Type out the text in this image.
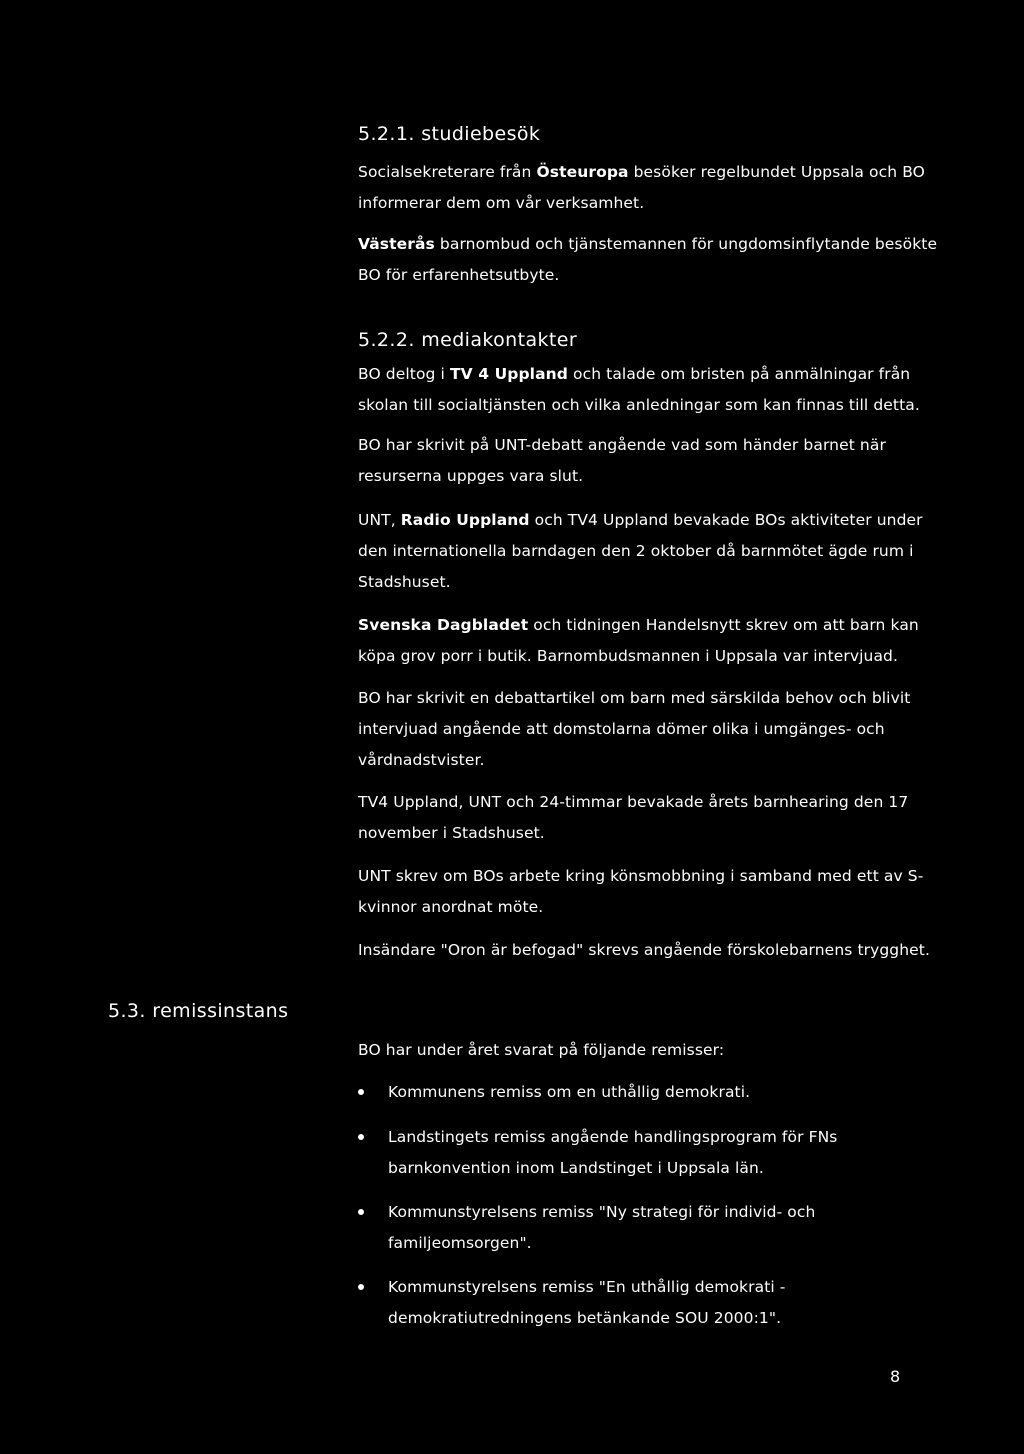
5.2.1. studiebesök

Socialsekreterare från Östeuropa besöker regelbundet Uppsala och BO
informerar dem om vår verksamhet.

Västerås barnombud och tjänstemannen för ungdomsinflytande besökte
BO för erfarenhetsutbyte.

5.2.2. mediakontakter

BO deltog i TV 4 Uppland och talade om bristen på anmälningar från
skolan till socialtjänsten och vilka anledningar som kan finnas till detta.

BO har skrivit på UNT-debatt angående vad som händer barnet när
resurserna uppges vara slut.

UNT, Radio Uppland och TV4 Uppland bevakade BOs aktiviteter under
den internationella barndagen den 2 oktober då barnmötet ägde rum i
Stadshuset.

Svenska Dagbladet och tidningen Handelsnytt skrev om att barn kan
köpa grov porr i butik. Barnombudsmannen i Uppsala var intervjuad.

BO har skrivit en debattartikel om barn med särskilda behov och blivit
intervjuad angående att domstolarna dömer olika i umgänges- och
vårdnadstvister.

TV4 Uppland, UNT och 24-timmar bevakade årets barnhearing den 17
november i Stadshuset.

UNT skrev om BOs arbete kring könsmobbning i samband med ett av S-
kvinnor anordnat möte.

Insändare "Oron är befogad" skrevs angående förskolebarnens trygghet.

5.3. remissinstans

BO har under året svarat på följande remisser:

Kommunens remiss om en uthållig demokrati.

Landstingets remiss angående handlingsprogram för FNs
barnkonvention inom Landstinget i Uppsala län.

Kommunstyrelsens remiss "Ny strategi för individ- och
familjeomsorgen".

Kommunstyrelsens remiss "En uthållig demokrati -
demokratiutredningens betänkande SOU 2000:1".

8
